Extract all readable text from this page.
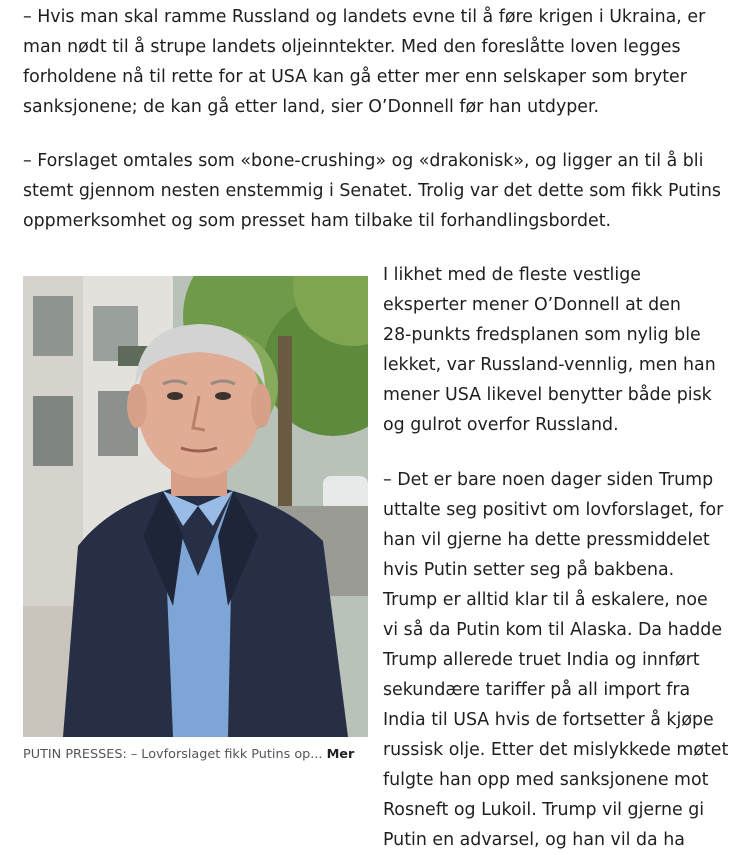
– Hvis man skal ramme Russland og landets evne til å føre krigen i Ukraina, er
man nødt til å strupe landets oljeinntekter. Med den foreslåtte loven legges
forholdene nå til rette for at USA kan gå etter mer enn selskaper som bryter
sanksjonene; de kan gå etter land, sier O’Donnell før han utdyper.

– Forslaget omtales som «bone-crushing» og «drakonisk», og ligger an til å bli
stemt gjennom nesten enstemmig i Senatet. Trolig var det dette som fikk Putins
oppmerksomhet og som presset ham tilbake til forhandlingsbordet.

PUTIN PRESSES: – Lovforslaget fikk Putins op... Mer

I likhet med de fleste vestlige
eksperter mener O’Donnell at den
28-punkts fredsplanen som nylig ble
lekket, var Russland-vennlig, men han
mener USA likevel benytter både pisk
og gulrot overfor Russland.

– Det er bare noen dager siden Trump
uttalte seg positivt om lovforslaget, for
han vil gjerne ha dette pressmiddelet
hvis Putin setter seg på bakbena.
Trump er alltid klar til å eskalere, noe
vi så da Putin kom til Alaska. Da hadde
Trump allerede truet India og innført
sekundære tariffer på all import fra
India til USA hvis de fortsetter å kjøpe
russisk olje. Etter det mislykkede møtet
fulgte han opp med sanksjonene mot
Rosneft og Lukoil. Trump vil gjerne gi
Putin en advarsel, og han vil da ha
